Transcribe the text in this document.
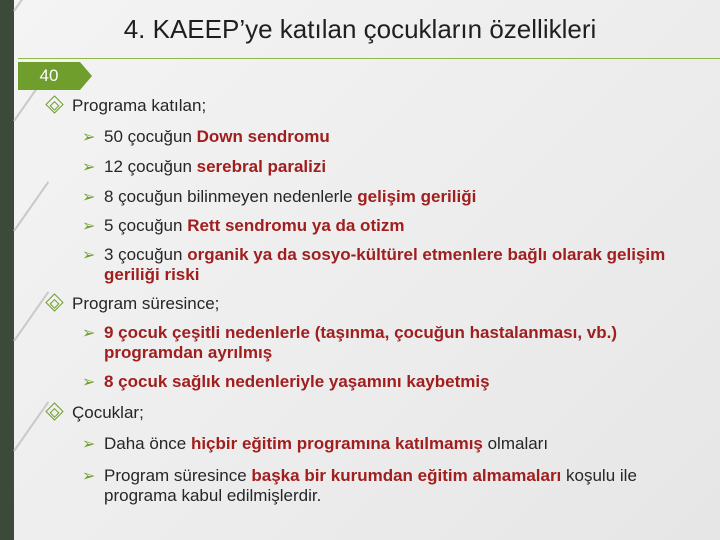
4. KAEEP’ye katılan çocukların özellikleri
40
Programa katılan;
➢ 50 çocuğun Down sendromu
➢ 12 çocuğun serebral paralizi
➢ 8 çocuğun bilinmeyen nedenlerle gelişim geriliği
➢ 5 çocuğun Rett sendromu ya da otizm
➢ 3 çocuğun organik ya da sosyo-kültürel etmenlere bağlı olarak gelişim geriliği riski
Program süresince;
➢ 9 çocuk çeşitli nedenlerle (taşınma, çocuğun hastalanması, vb.) programdan ayrılmış
➢ 8 çocuk sağlık nedenleriyle yaşamını kaybetmiş
Çocuklar;
➢ Daha önce hiçbir eğitim programına katılmamış olmaları
➢ Program süresince başka bir kurumdan eğitim almamaları koşulu ile programa kabul edilmişlerdir.
